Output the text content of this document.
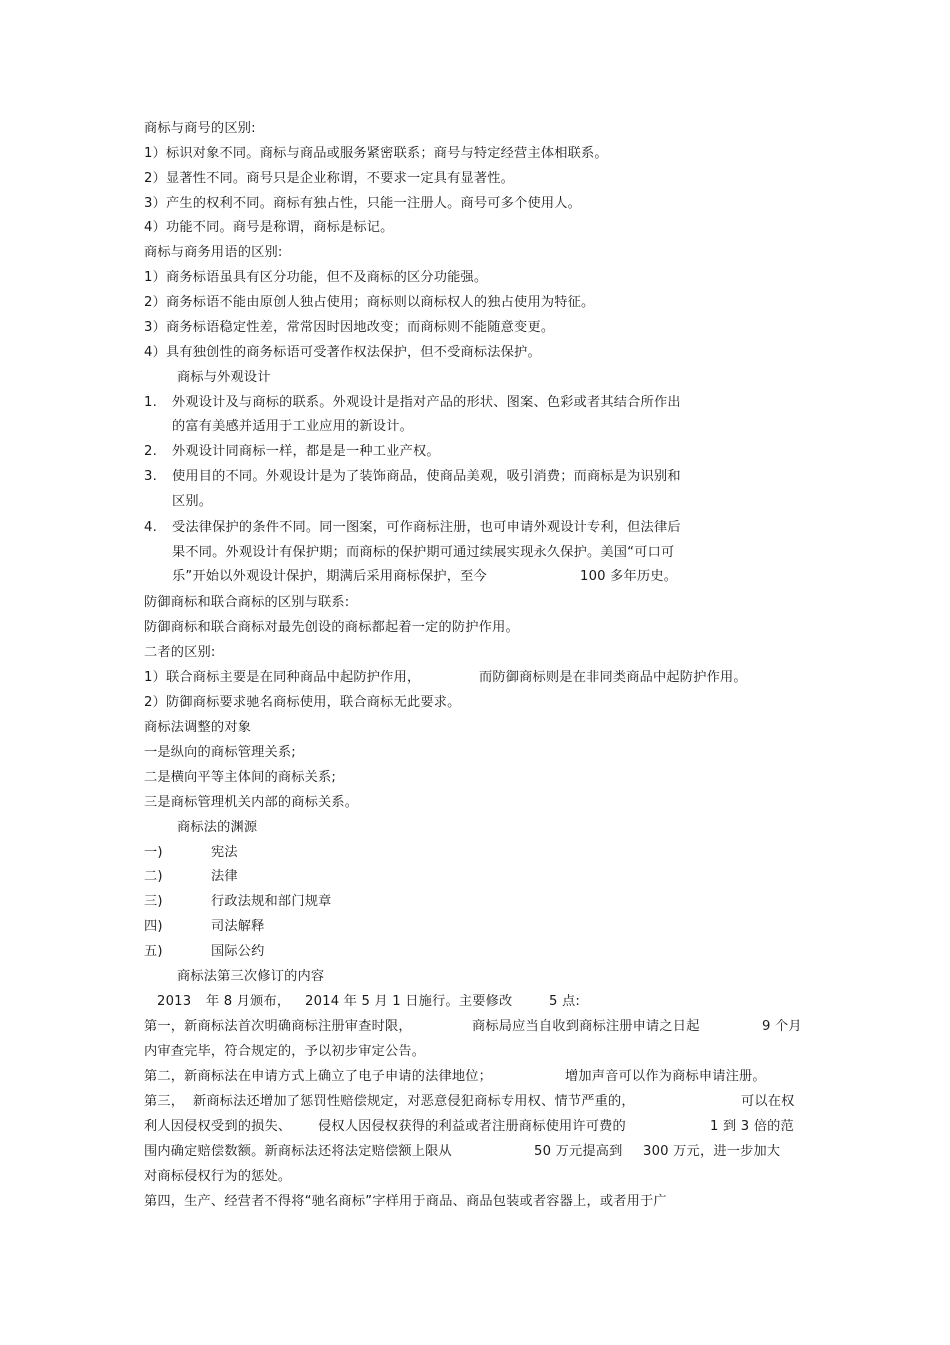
商标与商号的区别:
1）标识对象不同。商标与商品或服务紧密联系；商号与特定经营主体相联系。
2）显著性不同。商号只是企业称谓，不要求一定具有显著性。
3）产生的权利不同。商标有独占性，只能一注册人。商号可多个使用人。
4）功能不同。商号是称谓，商标是标记。
商标与商务用语的区别:
1）商务标语虽具有区分功能，但不及商标的区分功能强。
2）商务标语不能由原创人独占使用；商标则以商标权人的独占使用为特征。
3）商务标语稳定性差，常常因时因地改变；而商标则不能随意变更。
4）具有独创性的商务标语可受著作权法保护，但不受商标法保护。
商标与外观设计
1. 外观设计及与商标的联系。外观设计是指对产品的形状、图案、色彩或者其结合所作出
的富有美感并适用于工业应用的新设计。
2. 外观设计同商标一样，都是是一种工业产权。
3. 使用目的不同。外观设计是为了装饰商品，使商品美观，吸引消费；而商标是为识别和
区别。
4. 受法律保护的条件不同。同一图案，可作商标注册，也可申请外观设计专利，但法律后
果不同。外观设计有保护期；而商标的保护期可通过续展实现永久保护。美国“可口可
乐”开始以外观设计保护，期满后采用商标保护，至今	100 多年历史。
防御商标和联合商标的区别与联系:
防御商标和联合商标对最先创设的商标都起着一定的防护作用。
二者的区别:
1）联合商标主要是在同种商品中起防护作用，	而防御商标则是在非同类商品中起防护作用。
2）防御商标要求驰名商标使用，联合商标无此要求。
商标法调整的对象
一是纵向的商标管理关系;
二是横向平等主体间的商标关系;
三是商标管理机关内部的商标关系。
商标法的渊源
一)	宪法
二)	法律
三)	行政法规和部门规章
四)	司法解释
五)	国际公约
商标法第三次修订的内容
2013 年 8 月颁布， 2014 年 5 月 1 日施行。主要修改	5 点:
第一，新商标法首次明确商标注册审查时限，	商标局应当自收到商标注册申请之日起	9 个月
内审查完毕，符合规定的，予以初步审定公告。
第二，新商标法在申请方式上确立了电子申请的法律地位；	增加声音可以作为商标申请注册。
第三， 新商标法还增加了惩罚性赔偿规定，对恶意侵犯商标专用权、情节严重的，	可以在权
利人因侵权受到的损失、 侵权人因侵权获得的利益或者注册商标使用许可费的	1 到 3 倍的范
围内确定赔偿数额。新商标法还将法定赔偿额上限从	50 万元提高到 300 万元，进一步加大
对商标侵权行为的惩处。
第四，生产、经营者不得将“驰名商标”字样用于商品、商品包装或者容器上，或者用于广
